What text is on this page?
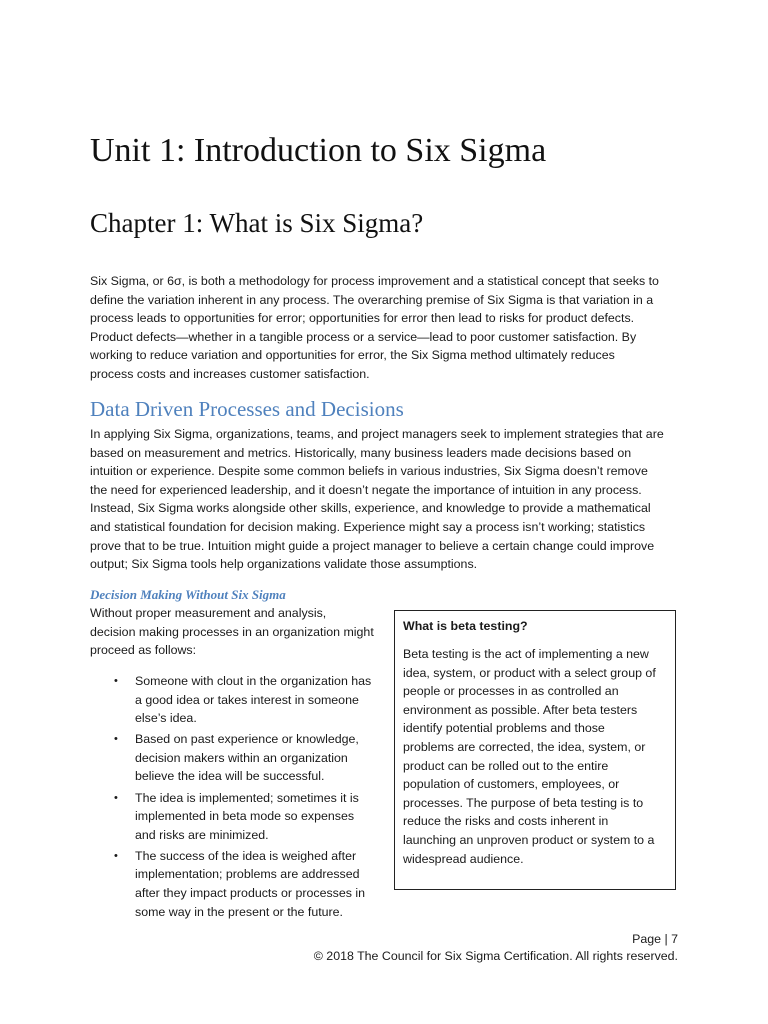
Unit 1: Introduction to Six Sigma
Chapter 1: What is Six Sigma?

Six Sigma, or 6σ, is both a methodology for process improvement and a statistical concept that seeks to
define the variation inherent in any process. The overarching premise of Six Sigma is that variation in a
process leads to opportunities for error; opportunities for error then lead to risks for product defects.
Product defects—whether in a tangible process or a service—lead to poor customer satisfaction. By
working to reduce variation and opportunities for error, the Six Sigma method ultimately reduces
process costs and increases customer satisfaction.

Data Driven Processes and Decisions

In applying Six Sigma, organizations, teams, and project managers seek to implement strategies that are
based on measurement and metrics. Historically, many business leaders made decisions based on
intuition or experience. Despite some common beliefs in various industries, Six Sigma doesn’t remove
the need for experienced leadership, and it doesn’t negate the importance of intuition in any process.
Instead, Six Sigma works alongside other skills, experience, and knowledge to provide a mathematical
and statistical foundation for decision making. Experience might say a process isn’t working; statistics
prove that to be true. Intuition might guide a project manager to believe a certain change could improve
output; Six Sigma tools help organizations validate those assumptions.

Decision Making Without Six Sigma

Without proper measurement and analysis,
decision making processes in an organization might
proceed as follows:

• Someone with clout in the organization has
a good idea or takes interest in someone
else’s idea.
• Based on past experience or knowledge,
decision makers within an organization
believe the idea will be successful.
• The idea is implemented; sometimes it is
implemented in beta mode so expenses
and risks are minimized.
• The success of the idea is weighed after
implementation; problems are addressed
after they impact products or processes in
some way in the present or the future.

What is beta testing?

Beta testing is the act of implementing a new
idea, system, or product with a select group of
people or processes in as controlled an
environment as possible. After beta testers
identify potential problems and those
problems are corrected, the idea, system, or
product can be rolled out to the entire
population of customers, employees, or
processes. The purpose of beta testing is to
reduce the risks and costs inherent in
launching an unproven product or system to a
widespread audience.

Page | 7
© 2018 The Council for Six Sigma Certification. All rights reserved.
